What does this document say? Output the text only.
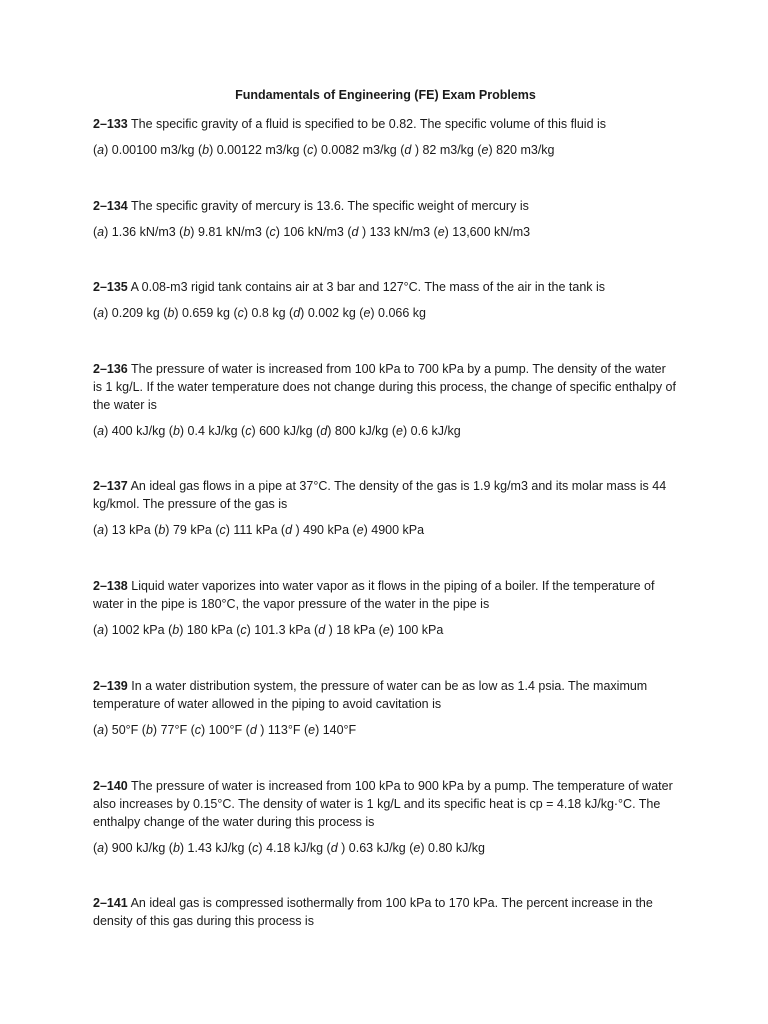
Fundamentals of Engineering (FE) Exam Problems

2–133 The specific gravity of a fluid is specified to be 0.82. The specific volume of this fluid is

(a) 0.00100 m3/kg (b) 0.00122 m3/kg (c) 0.0082 m3/kg (d ) 82 m3/kg (e) 820 m3/kg

2–134 The specific gravity of mercury is 13.6. The specific weight of mercury is

(a) 1.36 kN/m3 (b) 9.81 kN/m3 (c) 106 kN/m3 (d ) 133 kN/m3 (e) 13,600 kN/m3

2–135 A 0.08-m3 rigid tank contains air at 3 bar and 127°C. The mass of the air in the tank is

(a) 0.209 kg (b) 0.659 kg (c) 0.8 kg (d) 0.002 kg (e) 0.066 kg

2–136 The pressure of water is increased from 100 kPa to 700 kPa by a pump. The density of the water is 1 kg/L. If the water temperature does not change during this process, the change of specific enthalpy of the water is

(a) 400 kJ/kg (b) 0.4 kJ/kg (c) 600 kJ/kg (d) 800 kJ/kg (e) 0.6 kJ/kg

2–137 An ideal gas flows in a pipe at 37°C. The density of the gas is 1.9 kg/m3 and its molar mass is 44 kg/kmol. The pressure of the gas is

(a) 13 kPa (b) 79 kPa (c) 111 kPa (d ) 490 kPa (e) 4900 kPa

2–138 Liquid water vaporizes into water vapor as it flows in the piping of a boiler. If the temperature of water in the pipe is 180°C, the vapor pressure of the water in the pipe is

(a) 1002 kPa (b) 180 kPa (c) 101.3 kPa (d ) 18 kPa (e) 100 kPa

2–139 In a water distribution system, the pressure of water can be as low as 1.4 psia. The maximum temperature of water allowed in the piping to avoid cavitation is

(a) 50°F (b) 77°F (c) 100°F (d ) 113°F (e) 140°F

2–140 The pressure of water is increased from 100 kPa to 900 kPa by a pump. The temperature of water also increases by 0.15°C. The density of water is 1 kg/L and its specific heat is cp = 4.18 kJ/kg·°C. The enthalpy change of the water during this process is

(a) 900 kJ/kg (b) 1.43 kJ/kg (c) 4.18 kJ/kg (d ) 0.63 kJ/kg (e) 0.80 kJ/kg

2–141 An ideal gas is compressed isothermally from 100 kPa to 170 kPa. The percent increase in the density of this gas during this process is
